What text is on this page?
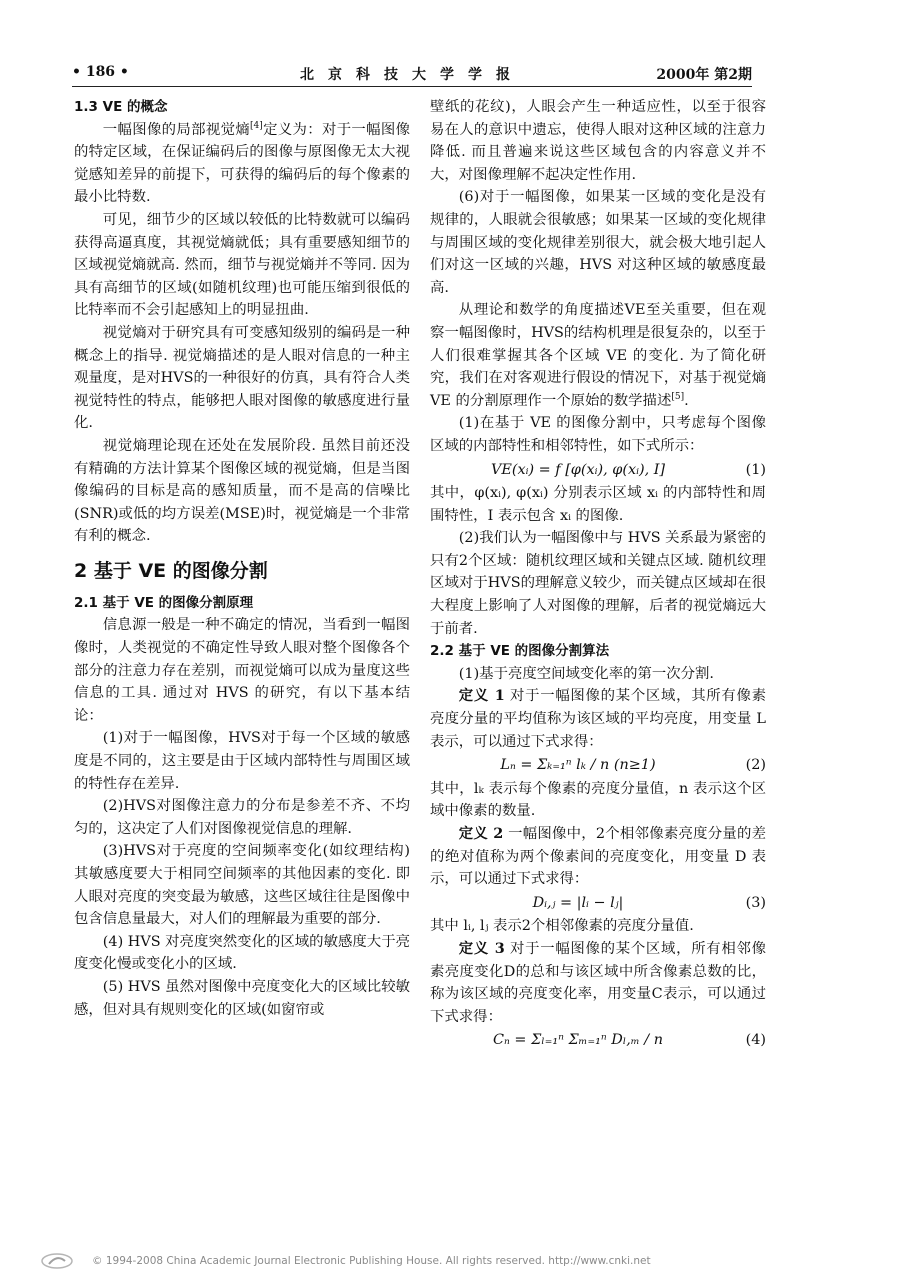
• 186 •	北京科技大学学报	2000年 第2期

1.3 VE 的概念

一幅图像的局部视觉熵[4]定义为：对于一幅图像的特定区域，在保证编码后的图像与原图像无太大视觉感知差异的前提下，可获得的编码后的每个像素的最小比特数.

可见，细节少的区域以较低的比特数就可以编码获得高逼真度，其视觉熵就低；具有重要感知细节的区域视觉熵就高. 然而，细节与视觉熵并不等同. 因为具有高细节的区域(如随机纹理)也可能压缩到很低的比特率而不会引起感知上的明显扭曲.

视觉熵对于研究具有可变感知级别的编码是一种概念上的指导. 视觉熵描述的是人眼对信息的一种主观量度，是对HVS的一种很好的仿真，具有符合人类视觉特性的特点，能够把人眼对图像的敏感度进行量化.

视觉熵理论现在还处在发展阶段. 虽然目前还没有精确的方法计算某个图像区域的视觉熵，但是当图像编码的目标是高的感知质量，而不是高的信噪比(SNR)或低的均方误差(MSE)时，视觉熵是一个非常有利的概念.

2 基于 VE 的图像分割

2.1 基于 VE 的图像分割原理

信息源一般是一种不确定的情况，当看到一幅图像时，人类视觉的不确定性导致人眼对整个图像各个部分的注意力存在差别，而视觉熵可以成为量度这些信息的工具. 通过对 HVS 的研究，有以下基本结论：

(1)对于一幅图像，HVS对于每一个区域的敏感度是不同的，这主要是由于区域内部特性与周围区域的特性存在差异.

(2)HVS对图像注意力的分布是参差不齐、不均匀的，这决定了人们对图像视觉信息的理解.

(3)HVS对于亮度的空间频率变化(如纹理结构)其敏感度要大于相同空间频率的其他因素的变化. 即人眼对亮度的突变最为敏感，这些区域往往是图像中包含信息量最大，对人们的理解最为重要的部分.

(4) HVS 对亮度突然变化的区域的敏感度大于亮度变化慢或变化小的区域.

(5) HVS 虽然对图像中亮度变化大的区域比较敏感，但对具有规则变化的区域(如窗帘或

壁纸的花纹)，人眼会产生一种适应性，以至于很容易在人的意识中遗忘，使得人眼对这种区域的注意力降低. 而且普遍来说这些区域包含的内容意义并不大，对图像理解不起决定性作用.

(6)对于一幅图像，如果某一区域的变化是没有规律的，人眼就会很敏感；如果某一区域的变化规律与周围区域的变化规律差别很大，就会极大地引起人们对这一区域的兴趣，HVS 对这种区域的敏感度最高.

从理论和数学的角度描述VE至关重要，但在观察一幅图像时，HVS的结构机理是很复杂的，以至于人们很难掌握其各个区域 VE 的变化. 为了简化研究，我们在对客观进行假设的情况下，对基于视觉熵 VE 的分割原理作一个原始的数学描述[5].

(1)在基于 VE 的图像分割中，只考虑每个图像区域的内部特性和相邻特性，如下式所示：

VE(xᵢ) = f [φ(xᵢ), φ(xᵢ), I]	(1)

其中，φ(xᵢ), φ(xᵢ) 分别表示区域 xᵢ 的内部特性和周围特性，I 表示包含 xᵢ 的图像.

(2)我们认为一幅图像中与 HVS 关系最为紧密的只有2个区域：随机纹理区域和关键点区域. 随机纹理区域对于HVS的理解意义较少，而关键点区域却在很大程度上影响了人对图像的理解，后者的视觉熵远大于前者.

2.2 基于 VE 的图像分割算法

(1)基于亮度空间域变化率的第一次分割.

定义 1 对于一幅图像的某个区域，其所有像素亮度分量的平均值称为该区域的平均亮度，用变量 L 表示，可以通过下式求得：

Lₙ = Σₖ₌₁ⁿ lₖ / n (n≥1)	(2)

其中，lₖ 表示每个像素的亮度分量值，n 表示这个区域中像素的数量.

定义 2 一幅图像中，2个相邻像素亮度分量的差的绝对值称为两个像素间的亮度变化，用变量 D 表示，可以通过下式求得：

Dᵢ,ⱼ = |lᵢ − lⱼ|	(3)

其中 lᵢ, lⱼ 表示2个相邻像素的亮度分量值.

定义 3 对于一幅图像的某个区域，所有相邻像素亮度变化D的总和与该区域中所含像素总数的比，称为该区域的亮度变化率，用变量C表示，可以通过下式求得：

Cₙ = Σₗ₌₁ⁿ Σₘ₌₁ⁿ Dₗ,ₘ / n	(4)
© 1994-2008 China Academic Journal Electronic Publishing House. All rights reserved. http://www.cnki.net
